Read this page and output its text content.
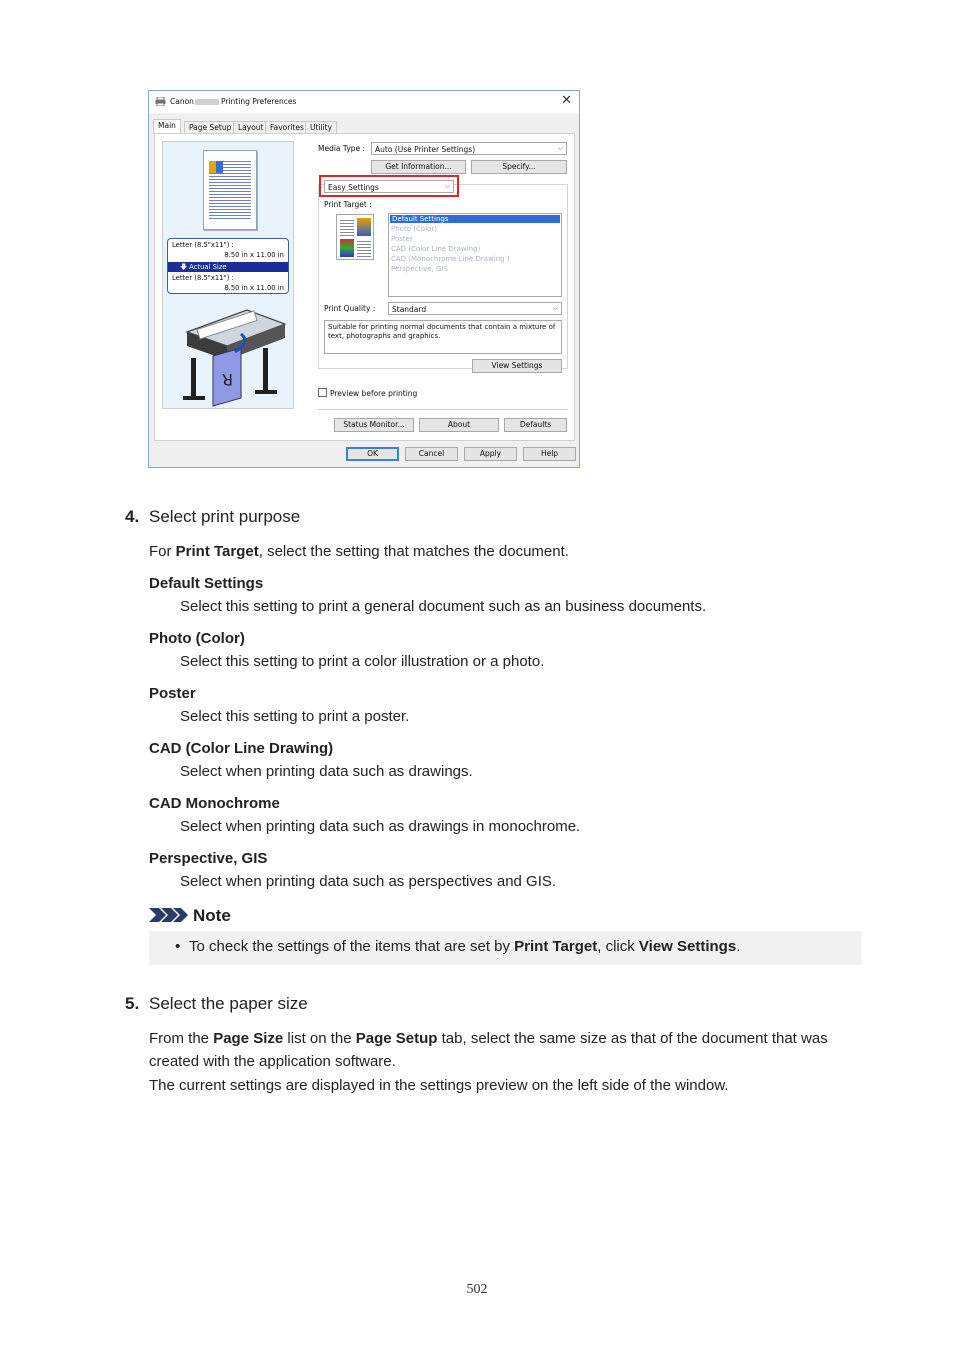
Canon	Printing Preferences	✕
Main	Page Setup Layout Favorites Utility
Letter (8.5"x11") :
8.50 in x 11.00 in
🡇 Actual Size
Letter (8.5"x11") :
8.50 in x 11.00 in
R
Media Type :	Auto (Use Printer Settings)	⌵
Get Information...	Specify...
Easy Settings	⌵
Print Target :
Default Settings
Photo (Color)
Poster
CAD (Color Line Drawing)
CAD (Monochrome Line Drawing )
Perspective, GIS
Print Quality :	Standard	⌵
Suitable for printing normal documents that contain a mixture of text, photographs and graphics.
View Settings
Preview before printing
Status Monitor...	About	Defaults
OK	Cancel	Apply	Help
4. Select print purpose
For Print Target, select the setting that matches the document.
Default Settings
Select this setting to print a general document such as an business documents.
Photo (Color)
Select this setting to print a color illustration or a photo.
Poster
Select this setting to print a poster.
CAD (Color Line Drawing)
Select when printing data such as drawings.
CAD Monochrome
Select when printing data such as drawings in monochrome.
Perspective, GIS
Select when printing data such as perspectives and GIS.
Note
• To check the settings of the items that are set by Print Target, click View Settings.
5. Select the paper size
From the Page Size list on the Page Setup tab, select the same size as that of the document that was
created with the application software.
The current settings are displayed in the settings preview on the left side of the window.
502
